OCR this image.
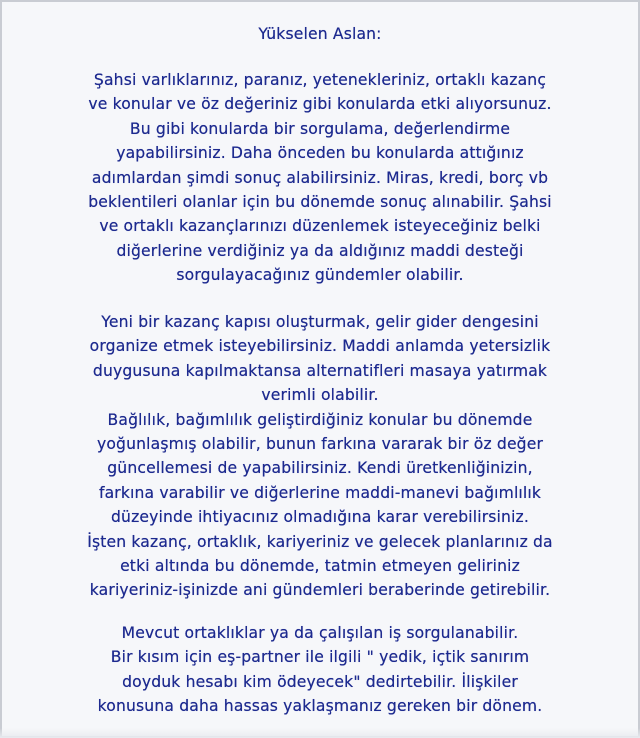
Yükselen Aslan:
Şahsi varlıklarınız, paranız, yetenekleriniz, ortaklı kazanç
ve konular ve öz değeriniz gibi konularda etki alıyorsunuz.
Bu gibi konularda bir sorgulama, değerlendirme
yapabilirsiniz. Daha önceden bu konularda attığınız
adımlardan şimdi sonuç alabilirsiniz. Miras, kredi, borç vb
beklentileri olanlar için bu dönemde sonuç alınabilir. Şahsi
ve ortaklı kazançlarınızı düzenlemek isteyeceğiniz belki
diğerlerine verdiğiniz ya da aldığınız maddi desteği
sorgulayacağınız gündemler olabilir.
Yeni bir kazanç kapısı oluşturmak, gelir gider dengesini
organize etmek isteyebilirsiniz. Maddi anlamda yetersizlik
duygusuna kapılmaktansa alternatifleri masaya yatırmak
verimli olabilir.
Bağlılık, bağımlılık geliştirdiğiniz konular bu dönemde
yoğunlaşmış olabilir, bunun farkına vararak bir öz değer
güncellemesi de yapabilirsiniz. Kendi üretkenliğinizin,
farkına varabilir ve diğerlerine maddi-manevi bağımlılık
düzeyinde ihtiyacınız olmadığına karar verebilirsiniz.
İşten kazanç, ortaklık, kariyeriniz ve gelecek planlarınız da
etki altında bu dönemde, tatmin etmeyen geliriniz
kariyeriniz-işinizde ani gündemleri beraberinde getirebilir.
Mevcut ortaklıklar ya da çalışılan iş sorgulanabilir.
Bir kısım için eş-partner ile ilgili " yedik, içtik sanırım
doyduk hesabı kim ödeyecek" dedirtebilir. İlişkiler
konusuna daha hassas yaklaşmanız gereken bir dönem.
